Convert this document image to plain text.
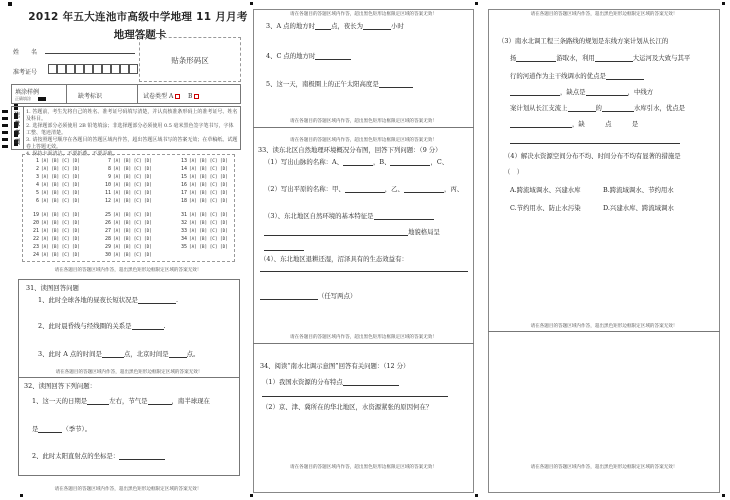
2012 年五大连池市高级中学地理 11 月月考
地理答题卡
姓　　名
准考证号
贴条形码区
填涂样例
正确填涂	缺考标识	试卷类型 A B
注意事项
1. 答题前，考生先将自己的姓名、准考证号码填写清楚，并认真核准条形码上的准考证号、姓名及科目。
2. 选择题部分必须使用 2B 铅笔填涂；非选择题部分必须使用 0.5 毫米黑色签字笔书写，字体工整、笔迹清楚。
3. 请按照题号顺序在各题目的答题区域内作答，超出答题区域书写的答案无效；在草稿纸、试题卷上答题无效。
4. 保持卡面清洁，不要折叠、不要弄破。
1 [A] [B] [C] [D]
2 [A] [B] [C] [D]
3 [A] [B] [C] [D]
4 [A] [B] [C] [D]
5 [A] [B] [C] [D]
6 [A] [B] [C] [D]
7 [A] [B] [C] [D]
8 [A] [B] [C] [D]
9 [A] [B] [C] [D]
10 [A] [B] [C] [D]
11 [A] [B] [C] [D]
12 [A] [B] [C] [D]
13 [A] [B] [C] [D]
14 [A] [B] [C] [D]
15 [A] [B] [C] [D]
16 [A] [B] [C] [D]
17 [A] [B] [C] [D]
18 [A] [B] [C] [D]
19 [A] [B] [C] [D]
20 [A] [B] [C] [D]
21 [A] [B] [C] [D]
22 [A] [B] [C] [D]
23 [A] [B] [C] [D]
24 [A] [B] [C] [D]
25 [A] [B] [C] [D]
26 [A] [B] [C] [D]
27 [A] [B] [C] [D]
28 [A] [B] [C] [D]
29 [A] [B] [C] [D]
30 [A] [B] [C] [D]
31 [A] [B] [C] [D]
32 [A] [B] [C] [D]
33 [A] [B] [C] [D]
34 [A] [B] [C] [D]
35 [A] [B] [C] [D]
请在各题目的答题区域内作答，超出黑色矩形边框限定区域的答案无效！
31、读图回答问题
1、此时全球各地的昼夜长短状况是	.
2、此时晨昏线与经线圈的关系是	.
3、此时 A 点的时间是	点，北京时间是	点。
请在各题目的答题区域内作答，超出黑色矩形边框限定区域的答案无效！
32、读图回答下列问题：
1、这一天的日期是	左右，节气是	，南半球现在
是	（季节）。
2、此时太阳直射点的坐标是：
请在各题目的答题区域内作答，超出黑色矩形边框限定区域的答案无效！
请在各题目的答题区域内作答，超出黑色矩形边框限定区域的答案无效！
3、A 点的地方时	点，夜长为	小时
4、C 点的地方时
5、这一天，南极圈上的正午太阳高度是
请在各题目的答题区域内作答，超出黑色矩形边框限定区域的答案无效！
请在各题目的答题区域内作答，超出黑色矩形边框限定区域的答案无效！
33、读东北区自然地理环境概况分布图，回答下列问题：（9 分）
（1）写出山脉的名称：A、	，B、	，C、
（2）写出平原的名称：甲、	，乙、	，丙、
（3）、东北地区自然环境的基本特征是
地貌格局呈
（4）、东北地区退耕还湿，沼泽具有的生态效益有：
（任写两点）
请在各题目的答题区域内作答，超出黑色矩形边框限定区域的答案无效！
34、阅读“南水北调示意图”回答有关问题：（12 分）
（1）我国水资源的分布特点
（2）京、津、冀所在的华北地区，水资源紧张的原因何在？
请在各题目的答题区域内作答，超出黑色矩形边框限定区域的答案无效！
请在各题目的答题区域内作答，超出黑色矩形边框限定区域的答案无效！
（3）南水北调工程三条路线的规划是东线方案计划从长江的
扬	游取水，利用	大运河及大致与其平
行的河道作为主干线调水的优点是
，缺点是	，中线方
案计划从长江支流上	的	水库引水，优点是
，缺	点	是
（4）解决水资源空间分布不均、时间分布不均有显著的措施是
（　）
A.跨流域调水、兴建水库	B.跨流域调水、节约用水
C.节约用水、防止水污染	D.兴建水库、跨流域调水
请在各题目的答题区域内作答，超出黑色矩形边框限定区域的答案无效！
请在各题目的答题区域内作答，超出黑色矩形边框限定区域的答案无效！
